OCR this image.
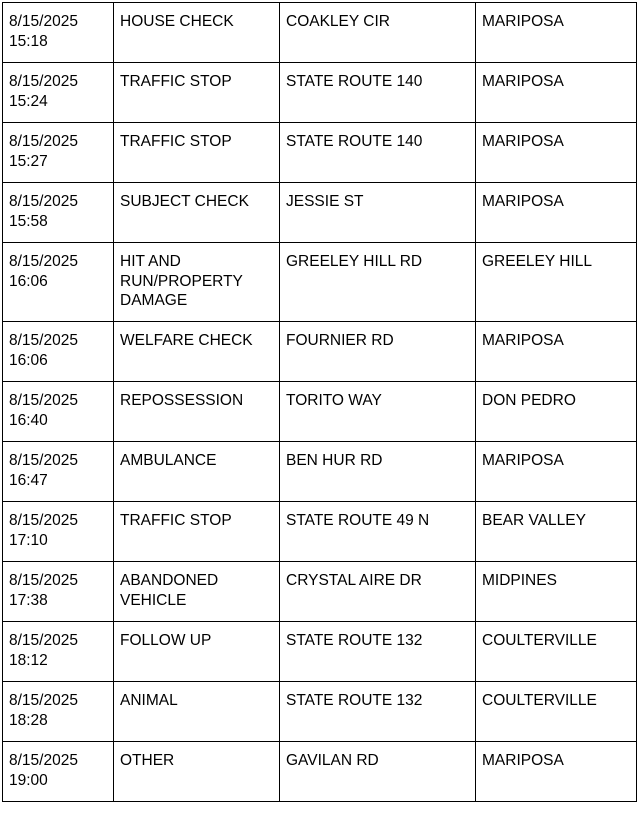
8/15/2025
15:18	HOUSE CHECK	COAKLEY CIR	MARIPOSA

8/15/2025
15:24	TRAFFIC STOP	STATE ROUTE 140	MARIPOSA

8/15/2025
15:27	TRAFFIC STOP	STATE ROUTE 140	MARIPOSA

8/15/2025
15:58	SUBJECT CHECK	JESSIE ST	MARIPOSA

8/15/2025
16:06	HIT AND RUN/PROPERTY DAMAGE	GREELEY HILL RD	GREELEY HILL

8/15/2025
16:06	WELFARE CHECK	FOURNIER RD	MARIPOSA

8/15/2025
16:40	REPOSSESSION	TORITO WAY	DON PEDRO

8/15/2025
16:47	AMBULANCE	BEN HUR RD	MARIPOSA

8/15/2025
17:10	TRAFFIC STOP	STATE ROUTE 49 N	BEAR VALLEY

8/15/2025
17:38	ABANDONED VEHICLE	CRYSTAL AIRE DR	MIDPINES

8/15/2025
18:12	FOLLOW UP	STATE ROUTE 132	COULTERVILLE

8/15/2025
18:28	ANIMAL	STATE ROUTE 132	COULTERVILLE

8/15/2025
19:00	OTHER	GAVILAN RD	MARIPOSA
